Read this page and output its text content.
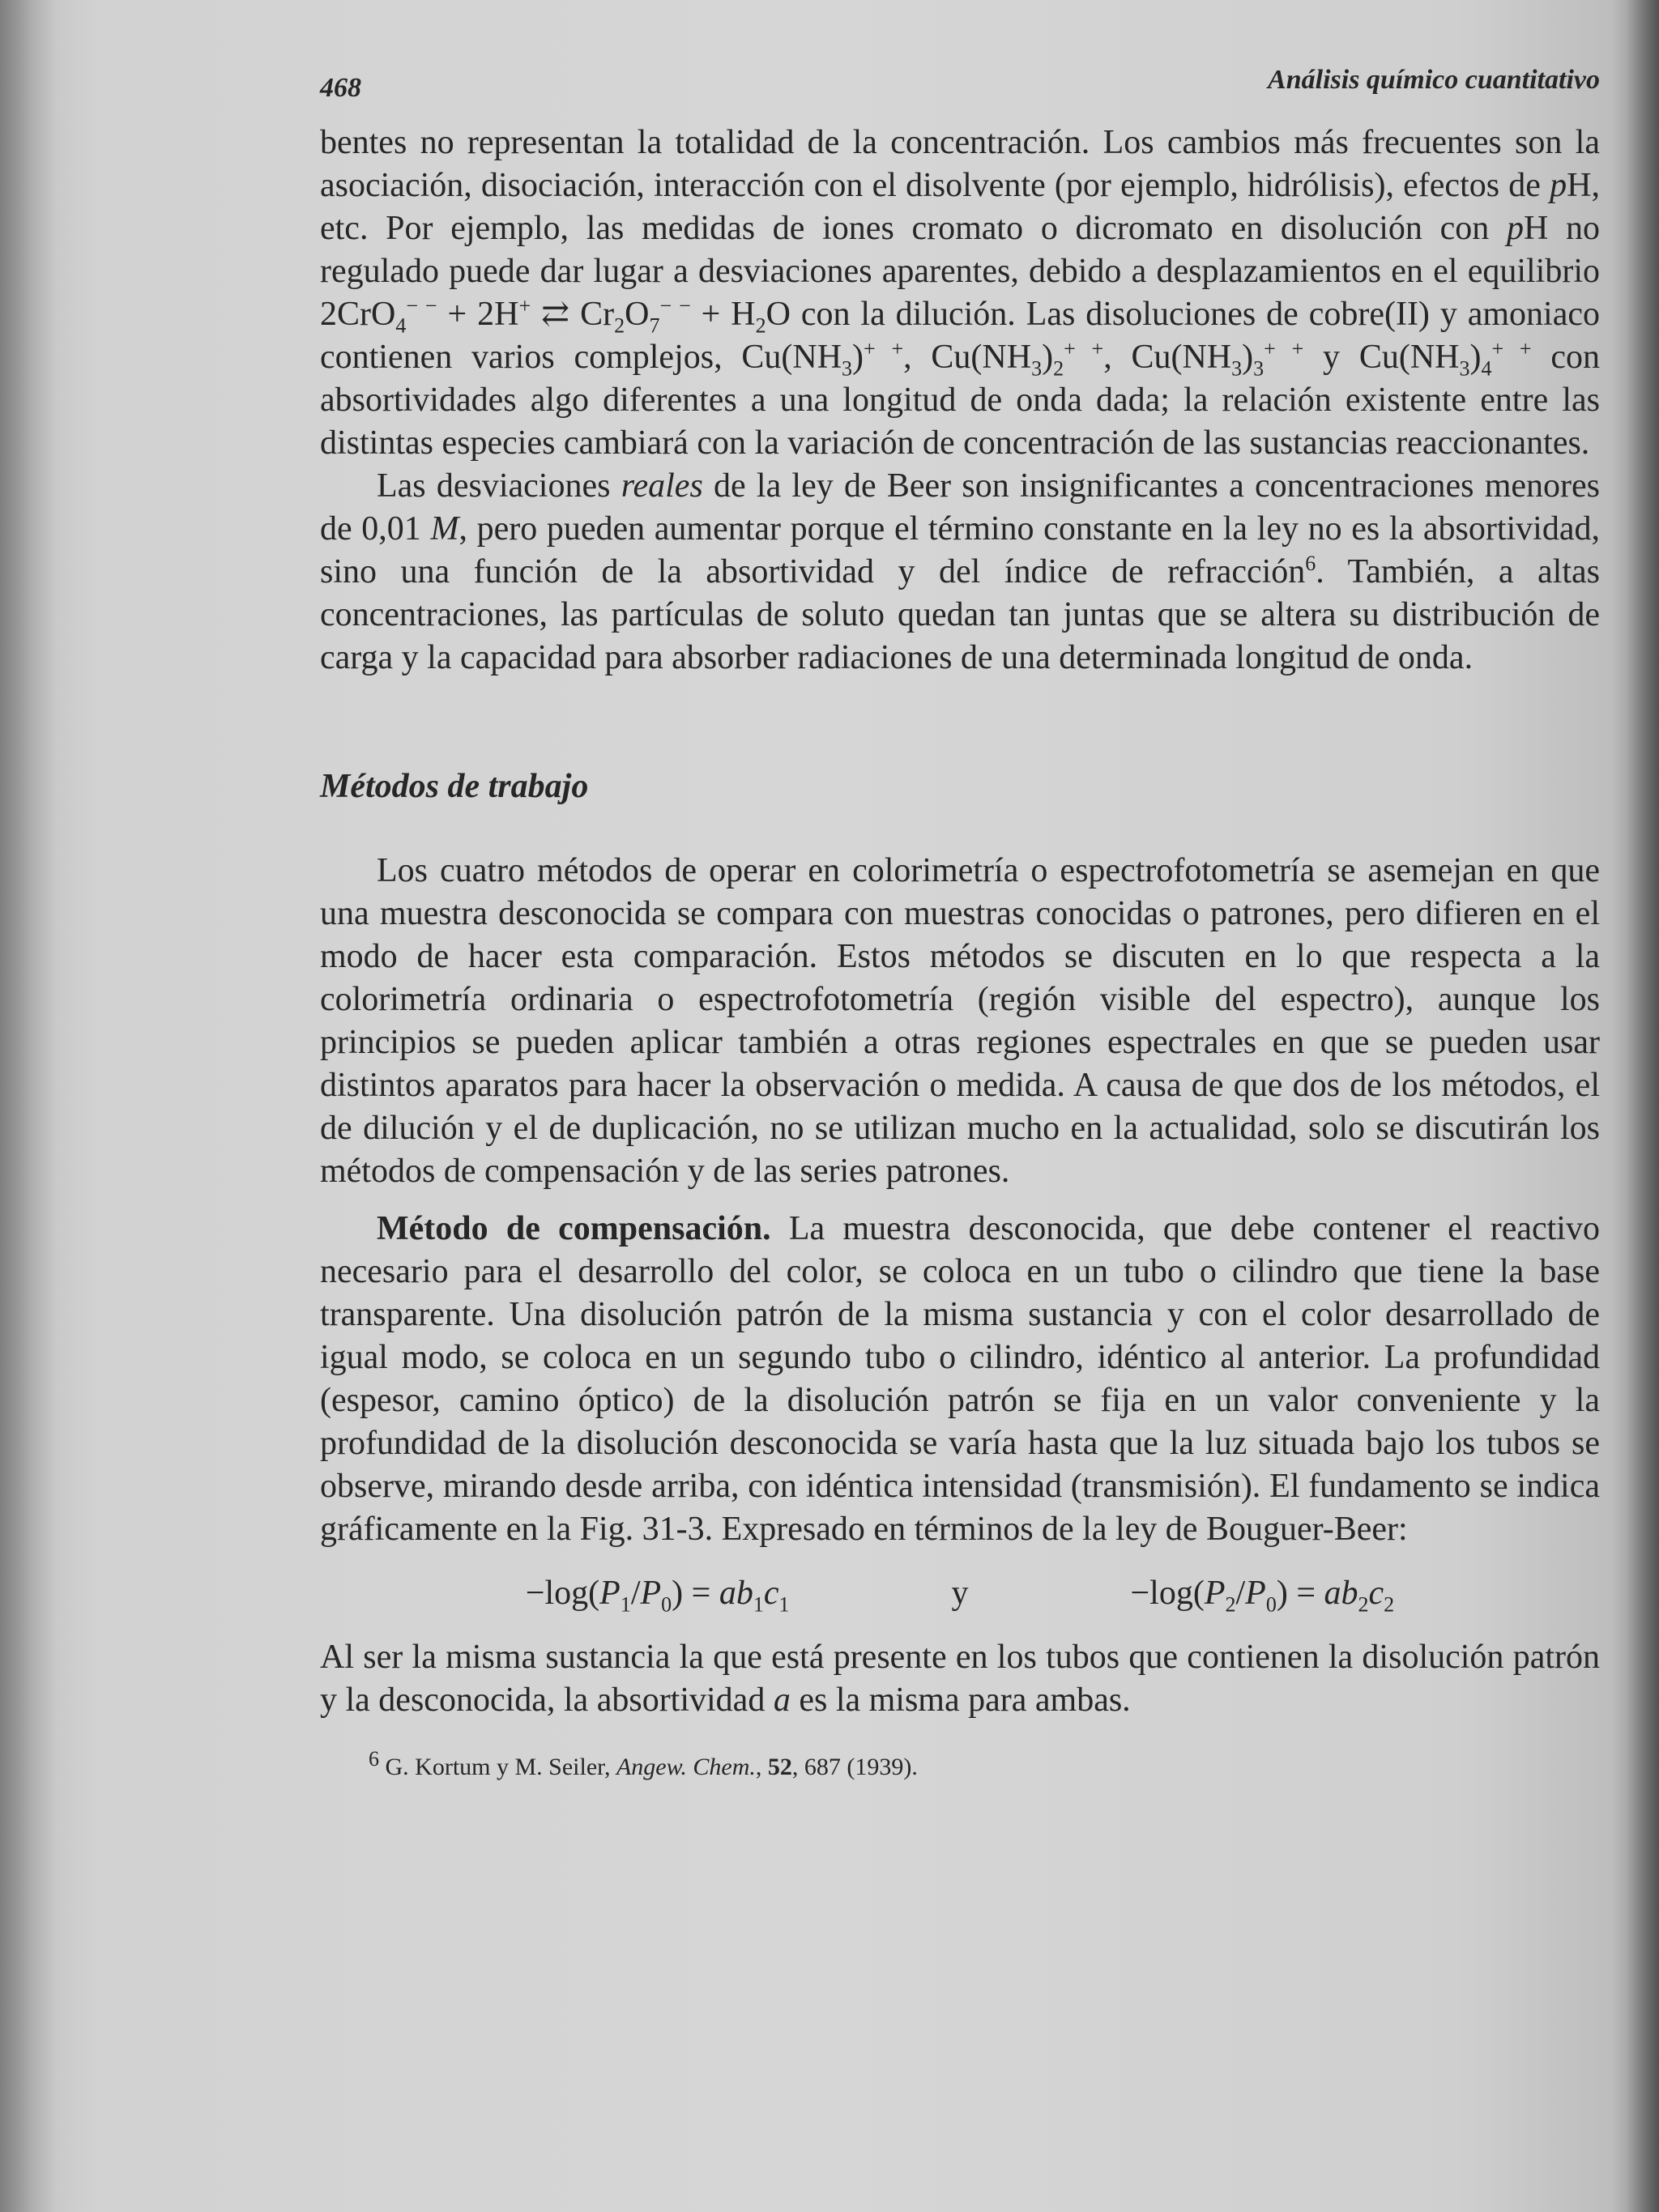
468	Análisis químico cuantitativo

bentes no representan la totalidad de la concentración. Los cambios más frecuentes son la asociación, disociación, interacción con el disolvente (por ejemplo, hidrólisis), efectos de pH, etc. Por ejemplo, las medidas de iones cromato o dicromato en disolución con pH no regulado puede dar lugar a desviaciones aparentes, debido a desplazamientos en el equilibrio 2CrO$_4$− − + 2H+ ⇄ $Cr_2O_7^{- -} + H_2O$ con la dilución. Las disoluciones de cobre(II) y amoniaco contienen varios complejos, $Cu(NH_3)^{+ +}$, $Cu(NH_3)_2^{+ +}$, $Cu(NH_3)_3^{+ +}$ y $Cu(NH_3)_4^{+ +}$ con absortividades algo diferentes a una longitud de onda dada; la relación existente entre las distintas especies cambiará con la variación de concentración de las sustancias reaccionantes.

Las desviaciones reales de la ley de Beer son insignificantes a concentraciones menores de 0,01 M, pero pueden aumentar porque el término constante en la ley no es la absortividad, sino una función de la absortividad y del índice de refracción$^6$. También, a altas concentraciones, las partículas de soluto quedan tan juntas que se altera su distribución de carga y la capacidad para absorber radiaciones de una determinada longitud de onda.

Métodos de trabajo

Los cuatro métodos de operar en colorimetría o espectrofotometría se asemejan en que una muestra desconocida se compara con muestras conocidas o patrones, pero difieren en el modo de hacer esta comparación. Estos métodos se discuten en lo que respecta a la colorimetría ordinaria o espectrofotometría (región visible del espectro), aunque los principios se pueden aplicar también a otras regiones espectrales en que se pueden usar distintos aparatos para hacer la observación o medida. A causa de que dos de los métodos, el de dilución y el de duplicación, no se utilizan mucho en la actualidad, solo se discutirán los métodos de compensación y de las series patrones.

Método de compensación. La muestra desconocida, que debe contener el reactivo necesario para el desarrollo del color, se coloca en un tubo o cilindro que tiene la base transparente. Una disolución patrón de la misma sustancia y con el color desarrollado de igual modo, se coloca en un segundo tubo o cilindro, idéntico al anterior. La profundidad (espesor, camino óptico) de la disolución patrón se fija en un valor conveniente y la profundidad de la disolución desconocida se varía hasta que la luz situada bajo los tubos se observe, mirando desde arriba, con idéntica intensidad (transmisión). El fundamento se indica gráficamente en la Fig. 31-3. Expresado en términos de la ley de Bouguer-Beer:

$-\log(P_1/P_0) = ab_1c_1$	y	$-\log(P_2/P_0) = ab_2c_2$

Al ser la misma sustancia la que está presente en los tubos que contienen la disolución patrón y la desconocida, la absortividad a es la misma para ambas.

$^6$ G. Kortum y M. Seiler, Angew. Chem., 52, 687 (1939).
